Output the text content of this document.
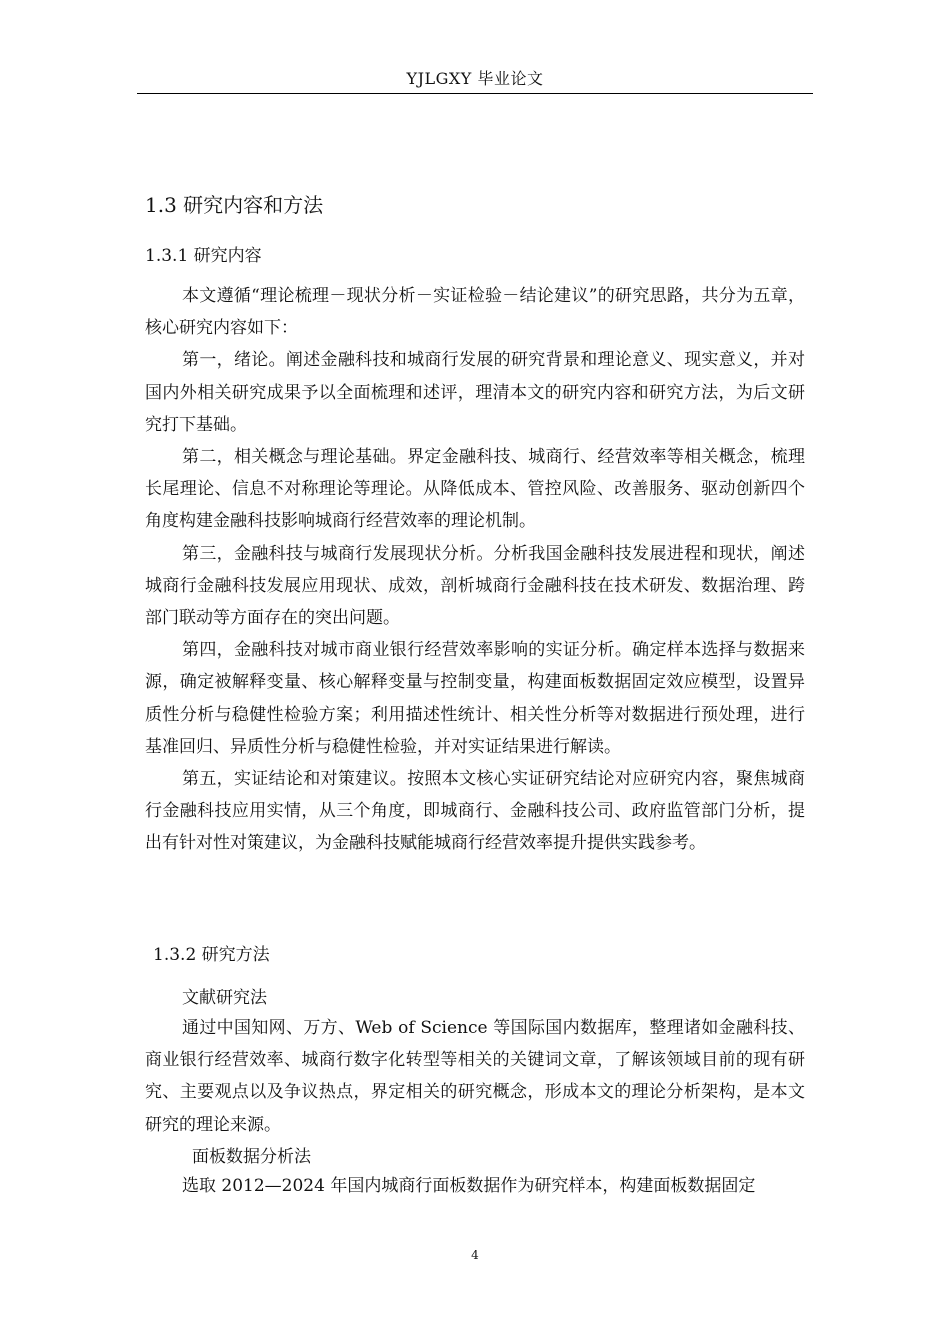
YJLGXY 毕业论文
1.3 研究内容和方法
1.3.1 研究内容
本文遵循“理论梳理－现状分析－实证检验－结论建议”的研究思路，共分为五章，核心研究内容如下：
第一，绪论。阐述金融科技和城商行发展的研究背景和理论意义、现实意义，并对国内外相关研究成果予以全面梳理和述评，理清本文的研究内容和研究方法，为后文研究打下基础。
第二，相关概念与理论基础。界定金融科技、城商行、经营效率等相关概念，梳理长尾理论、信息不对称理论等理论。从降低成本、管控风险、改善服务、驱动创新四个角度构建金融科技影响城商行经营效率的理论机制。
第三，金融科技与城商行发展现状分析。分析我国金融科技发展进程和现状，阐述城商行金融科技发展应用现状、成效，剖析城商行金融科技在技术研发、数据治理、跨部门联动等方面存在的突出问题。
第四，金融科技对城市商业银行经营效率影响的实证分析。确定样本选择与数据来源，确定被解释变量、核心解释变量与控制变量，构建面板数据固定效应模型，设置异质性分析与稳健性检验方案；利用描述性统计、相关性分析等对数据进行预处理，进行基准回归、异质性分析与稳健性检验，并对实证结果进行解读。
第五，实证结论和对策建议。按照本文核心实证研究结论对应研究内容，聚焦城商行金融科技应用实情，从三个角度，即城商行、金融科技公司、政府监管部门分析，提出有针对性对策建议，为金融科技赋能城商行经营效率提升提供实践参考。
1.3.2 研究方法
文献研究法
通过中国知网、万方、Web of Science 等国际国内数据库，整理诸如金融科技、商业银行经营效率、城商行数字化转型等相关的关键词文章，了解该领域目前的现有研究、主要观点以及争议热点，界定相关的研究概念，形成本文的理论分析架构，是本文研究的理论来源。
面板数据分析法
选取 2012—2024 年国内城商行面板数据作为研究样本，构建面板数据固定
4
